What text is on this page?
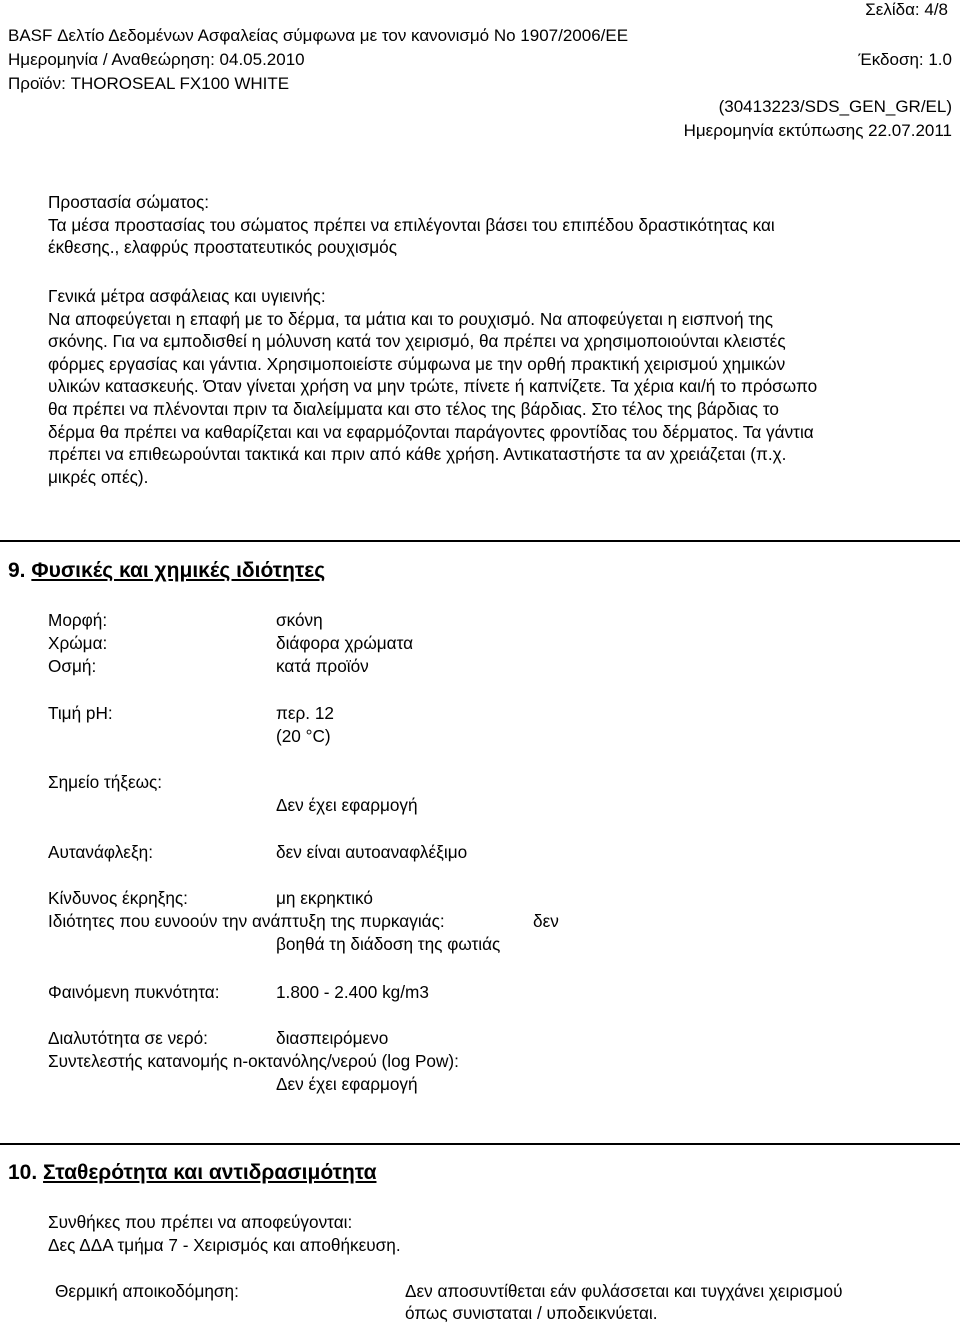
Σελίδα: 4/8
BASF Δελτίο Δεδομένων Ασφαλείας σύμφωνα με τον κανονισμό No 1907/2006/ΕΕ
Ημερομηνία / Αναθεώρηση: 04.05.2010	Έκδοση: 1.0
Προϊόν: THOROSEAL FX100 WHITE
(30413223/SDS_GEN_GR/EL)
Ημερομηνία εκτύπωσης 22.07.2011
Προστασία σώματος:
Τα μέσα προστασίας του σώματος πρέπει να επιλέγονται βάσει του επιπέδου δραστικότητας και
έκθεσης., ελαφρύς προστατευτικός ρουχισμός
Γενικά μέτρα ασφάλειας και υγιεινής:
Να αποφεύγεται η επαφή με το δέρμα, τα μάτια και το ρουχισμό. Να αποφεύγεται η εισπνοή της
σκόνης. Για να εμποδισθεί η μόλυνση κατά τον χειρισμό, θα πρέπει να χρησιμοποιούνται κλειστές
φόρμες εργασίας και γάντια. Χρησιμοποιείστε σύμφωνα με την ορθή πρακτική χειρισμού χημικών
υλικών κατασκευής. Όταν γίνεται χρήση να μην τρώτε, πίνετε ή καπνίζετε. Τα χέρια και/ή το πρόσωπο
θα πρέπει να πλένονται πριν τα διαλείμματα και στο τέλος της βάρδιας. Στο τέλος της βάρδιας το
δέρμα θα πρέπει να καθαρίζεται και να εφαρμόζονται παράγοντες φροντίδας του δέρματος. Τα γάντια
πρέπει να επιθεωρούνται τακτικά και πριν από κάθε χρήση. Αντικαταστήστε τα αν χρειάζεται (π.χ.
μικρές οπές).
9. Φυσικές και χημικές ιδιότητες
Μορφή:	σκόνη
Χρώμα:	διάφορα χρώματα
Οσμή:	κατά προϊόν
Τιμή pH:	περ. 12
(20 °C)
Σημείο τήξεως:
Δεν έχει εφαρμογή
Αυτανάφλεξη:	δεν είναι αυτοαναφλέξιμο
Κίνδυνος έκρηξης:	μη εκρηκτικό
Ιδιότητες που ευνοούν την ανάπτυξη της πυρκαγιάς:	δεν
βοηθά τη διάδοση της φωτιάς
Φαινόμενη πυκνότητα:	1.800 - 2.400 kg/m3
Διαλυτότητα σε νερό:	διασπειρόμενο
Συντελεστής κατανομής n-οκτανόλης/νερού (log Pow):
Δεν έχει εφαρμογή
10. Σταθερότητα και αντιδρασιμότητα
Συνθήκες που πρέπει να αποφεύγονται:
Δες ΔΔΑ τμήμα 7 - Χειρισμός και αποθήκευση.
Θερμική αποικοδόμηση:	Δεν αποσυντίθεται εάν φυλάσσεται και τυγχάνει χειρισμού
όπως συνισταται / υποδεικνύεται.
